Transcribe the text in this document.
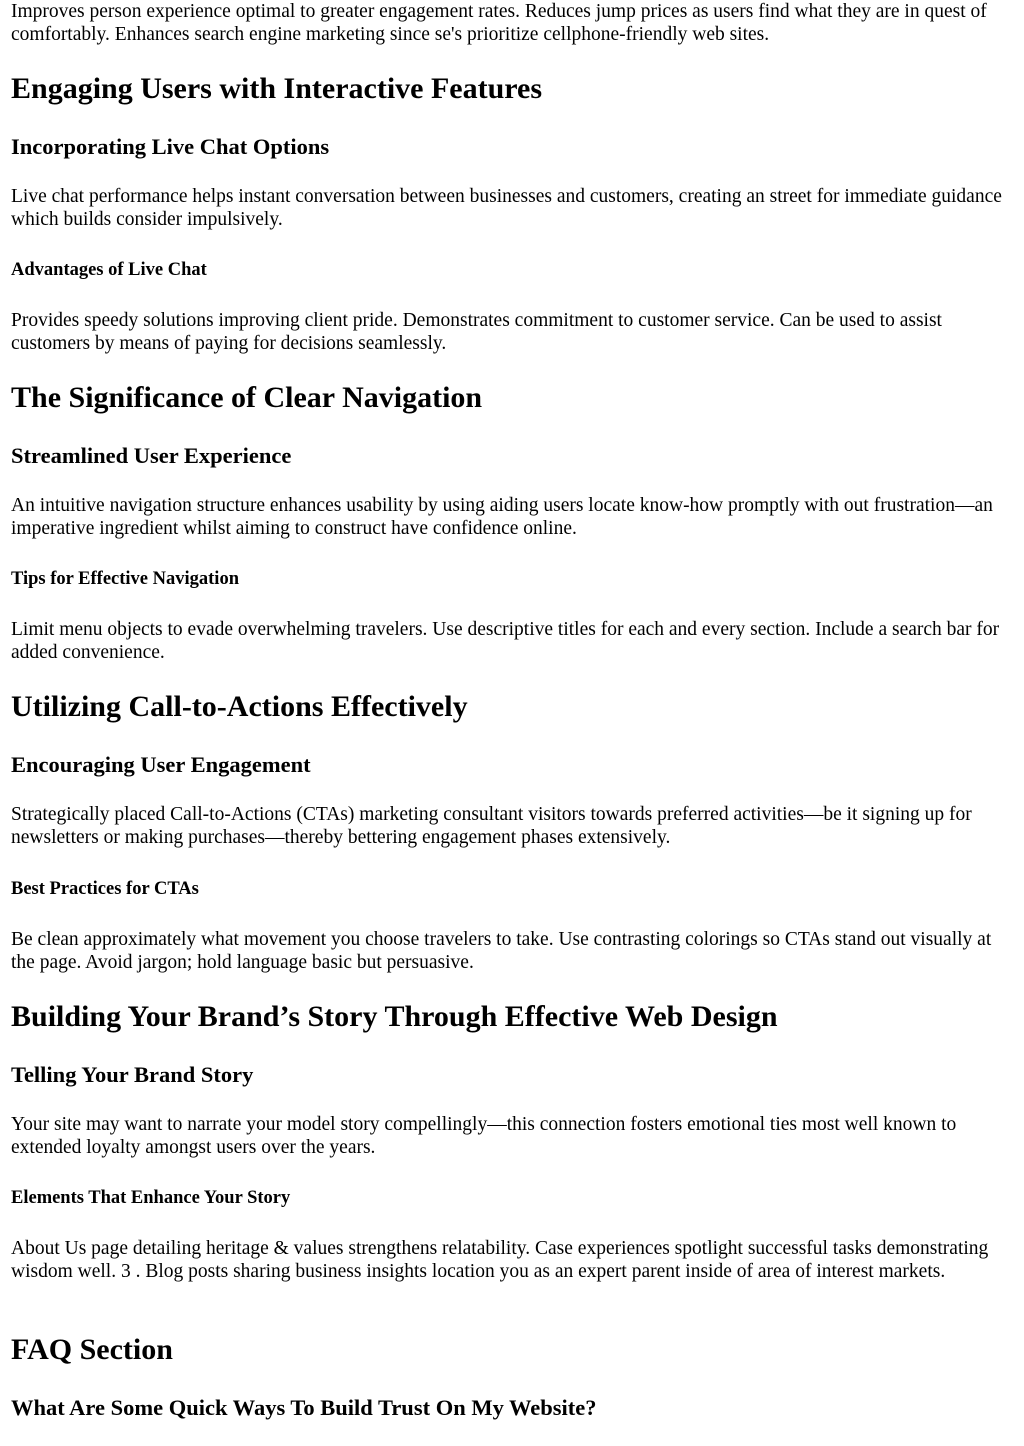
Improves person experience optimal to greater engagement rates. Reduces jump prices as users find what they are in quest of comfortably. Enhances search engine marketing since se's prioritize cellphone-friendly web sites.

Engaging Users with Interactive Features
Incorporating Live Chat Options

Live chat performance helps instant conversation between businesses and customers, creating an street for immediate guidance which builds consider impulsively.

Advantages of Live Chat

Provides speedy solutions improving client pride. Demonstrates commitment to customer service. Can be used to assist customers by means of paying for decisions seamlessly.

The Significance of Clear Navigation
Streamlined User Experience

An intuitive navigation structure enhances usability by using aiding users locate know-how promptly with out frustration—an imperative ingredient whilst aiming to construct have confidence online.

Tips for Effective Navigation

Limit menu objects to evade overwhelming travelers. Use descriptive titles for each and every section. Include a search bar for added convenience.

Utilizing Call-to-Actions Effectively
Encouraging User Engagement

Strategically placed Call-to-Actions (CTAs) marketing consultant visitors towards preferred activities—be it signing up for newsletters or making purchases—thereby bettering engagement phases extensively.

Best Practices for CTAs

Be clean approximately what movement you choose travelers to take. Use contrasting colorings so CTAs stand out visually at the page. Avoid jargon; hold language basic but persuasive.

Building Your Brand’s Story Through Effective Web Design
Telling Your Brand Story

Your site may want to narrate your model story compellingly—this connection fosters emotional ties most well known to extended loyalty amongst users over the years.

Elements That Enhance Your Story

About Us page detailing heritage & values strengthens relatability. Case experiences spotlight successful tasks demonstrating wisdom well. 3 . Blog posts sharing business insights location you as an expert parent inside of area of interest markets.

FAQ Section
What Are Some Quick Ways To Build Trust On My Website?
